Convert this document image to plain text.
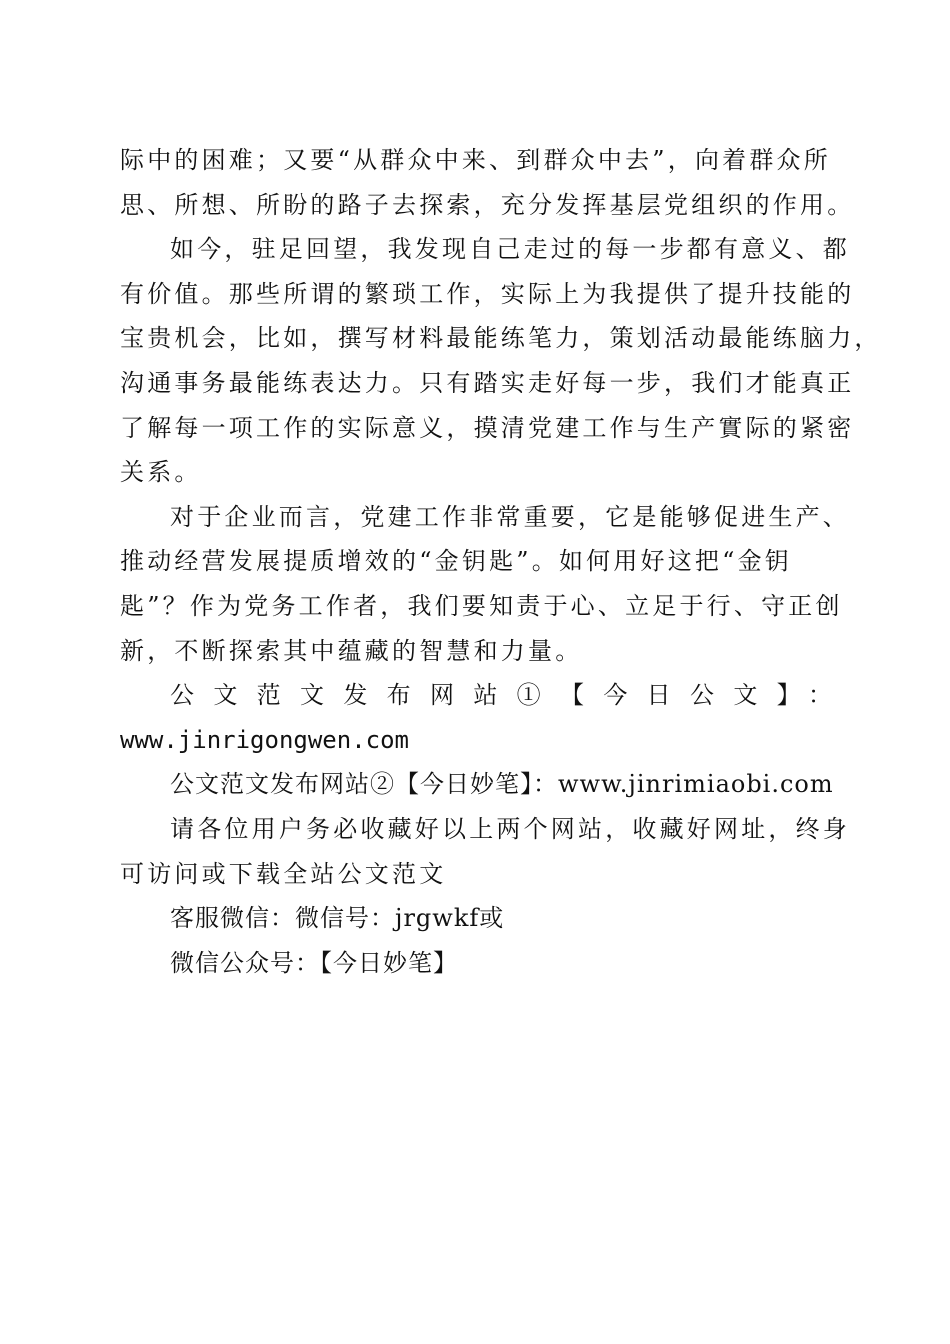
际中的困难；又要“从群众中来、到群众中去”，向着群众所
思、所想、所盼的路子去探索，充分发挥基层党组织的作用。
如今，驻足回望，我发现自己走过的每一步都有意义、都
有价值。那些所谓的繁琐工作，实际上为我提供了提升技能的
宝贵机会，比如，撰写材料最能练笔力，策划活动最能练脑力，
沟通事务最能练表达力。只有踏实走好每一步，我们才能真正
了解每一项工作的实际意义，摸清党建工作与生产實际的紧密
关系。
对于企业而言，党建工作非常重要，它是能够促进生产、
推动经营发展提质增效的“金钥匙”。如何用好这把“金钥
匙”？作为党务工作者，我们要知责于心、立足于行、守正创
新，不断探索其中蕴藏的智慧和力量。
公文范文发布网站①【今日公文】：
www.jinrigongwen.com
公文范文发布网站②【今日妙笔】：www.jinrimiaobi.com
请各位用户务必收藏好以上两个网站，收藏好网址，终身
可访问或下载全站公文范文
客服微信：微信号：jrgwkf或
微信公众号：【今日妙笔】
